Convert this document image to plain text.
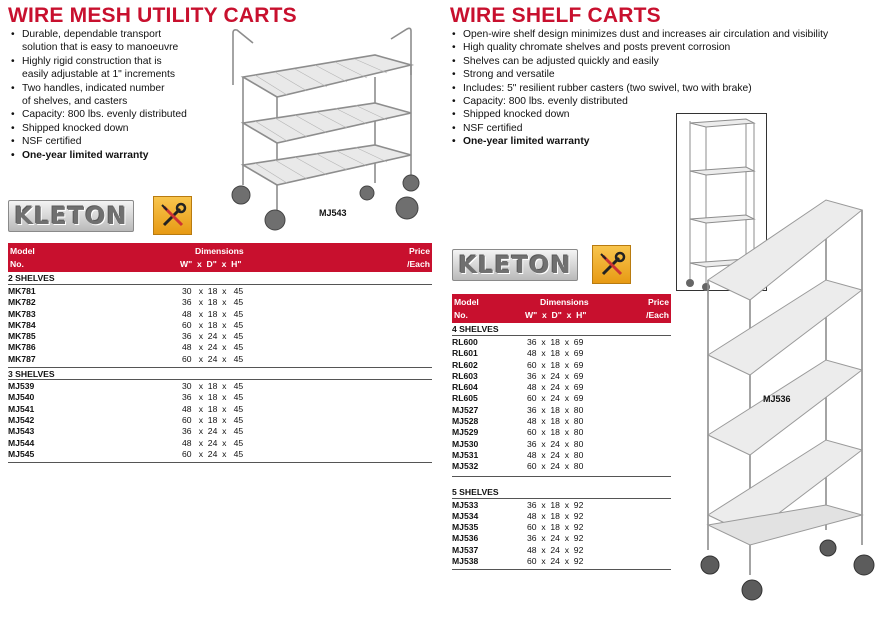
WIRE MESH UTILITY CARTS
• Durable, dependable transport
solution that is easy to manoeuvre
• Highly rigid construction that is
easily adjustable at 1" increments
• Two handles, indicated number
of shelves, and casters
• Capacity: 800 lbs. evenly distributed
• Shipped knocked down
• NSF certified
• One-year limited warranty
MJ543
KLETON
Model
No.
Dimensions
W"  x  D"  x  H"
Price
/Each
2 SHELVES
MK781	30   x  18  x   45
MK782	36   x  18  x   45
MK783	48   x  18  x   45
MK784	60   x  18  x   45
MK785	36   x  24  x   45
MK786	48   x  24  x   45
MK787	60   x  24  x   45
3 SHELVES
MJ539	30   x  18  x   45
MJ540	36   x  18  x   45
MJ541	48   x  18  x   45
MJ542	60   x  18  x   45
MJ543	36   x  24  x   45
MJ544	48   x  24  x   45
MJ545	60   x  24  x   45
WIRE SHELF CARTS
• Open-wire shelf design minimizes dust and increases air circulation and visibility
• High quality chromate shelves and posts prevent corrosion
• Shelves can be adjusted quickly and easily
• Strong and versatile
• Includes: 5" resilient rubber casters (two swivel, two with brake)
• Capacity: 800 lbs. evenly distributed
• Shipped knocked down
• NSF certified
• One-year limited warranty
MJ536
KLETON
Model
No.
Dimensions
W"  x  D"  x  H"
Price
/Each
4 SHELVES
RL600	36  x  18  x  69
RL601	48  x  18  x  69
RL602	60  x  18  x  69
RL603	36  x  24  x  69
RL604	48  x  24  x  69
RL605	60  x  24  x  69
MJ527	36  x  18  x  80
MJ528	48  x  18  x  80
MJ529	60  x  18  x  80
MJ530	36  x  24  x  80
MJ531	48  x  24  x  80
MJ532	60  x  24  x  80
5 SHELVES
MJ533	36  x  18  x  92
MJ534	48  x  18  x  92
MJ535	60  x  18  x  92
MJ536	36  x  24  x  92
MJ537	48  x  24  x  92
MJ538	60  x  24  x  92
